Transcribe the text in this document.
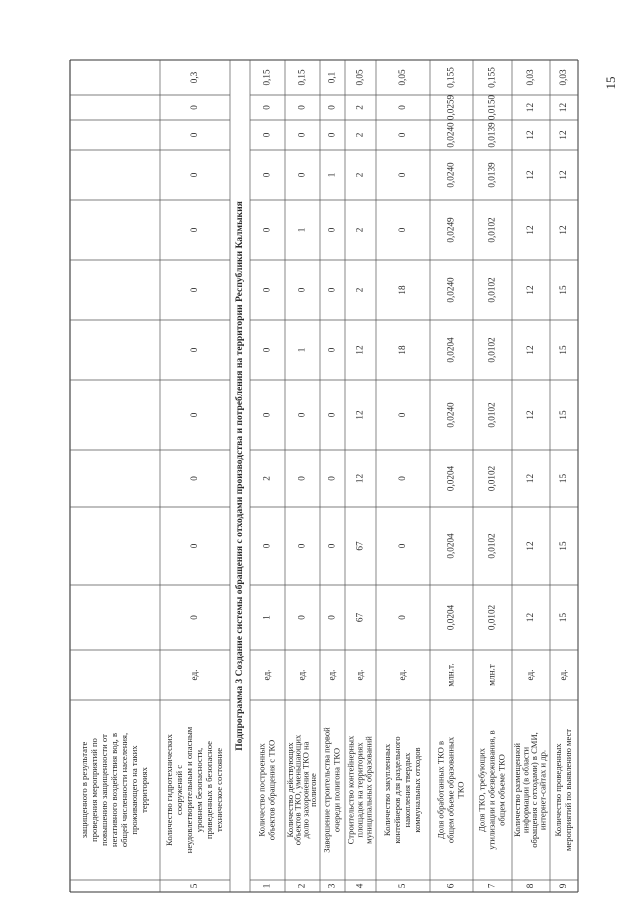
Подпрограмма 3 Создание системы обращения с отходами производства и потребления на территории Республики Калмыкия
защищенного в результате проведения мероприятий по повышению защищенности от негативного воздействия вод, в общей численности населения, проживающего на таких территориях
5
Количество гидротехнических сооружений с неудовлетворительным и опасным уровнем безопасности, приведенных в безопасное техническое состояние
ед.
0
0
0
0
0
0
0
0
0
0
0,3
1
Количество построенных объектов обращения с ТКО
ед.
1
0
2
0
0
0
0
0
0
0
0,15
2
Количество действующих
объектов ТКО, уменьшающих
долю захоронения ТКО на
полигоне
ед.
0
0
0
0
1
0
1
0
0
0
0,15
3
Завершение строительства первой очереди полигона ТКО
ед.
0
0
0
0
0
0
0
1
0
0
0,1
4
Строительство контейнерных площадок на территориях муниципальных образований
ед.
67
67
12
12
12
2
2
2
2
2
0,05
5
Количество закупленных контейнеров для раздельного накопления твердых коммунальных отходов
ед.
0
0
0
0
18
18
0
0
0
0
0,05
6
Доля обработанных ТКО в общем объеме образованных ТКО
млн.т.
0,0204
0,0204
0,0204
0,0240
0,0204
0,0240
0,0249
0,0240
0,0240
0,0259
0,155
7
Доля ТКО, требующих утилизации и обезвреживания, в общем объеме ТКО
млн.т
0,0102
0,0102
0,0102
0,0102
0,0102
0,0102
0,0102
0,0139
0,0139
0,0150
0,155
8
Количество размещенной
информации (в области
обращения с отходами) в СМИ,
интернет-сайтах и др.
ед.
12
12
12
12
12
12
12
12
12
12
0,03
9
Количество проведенных мероприятий по выявлению мест
ед.
15
15
15
15
15
15
12
12
12
12
0,03	15
